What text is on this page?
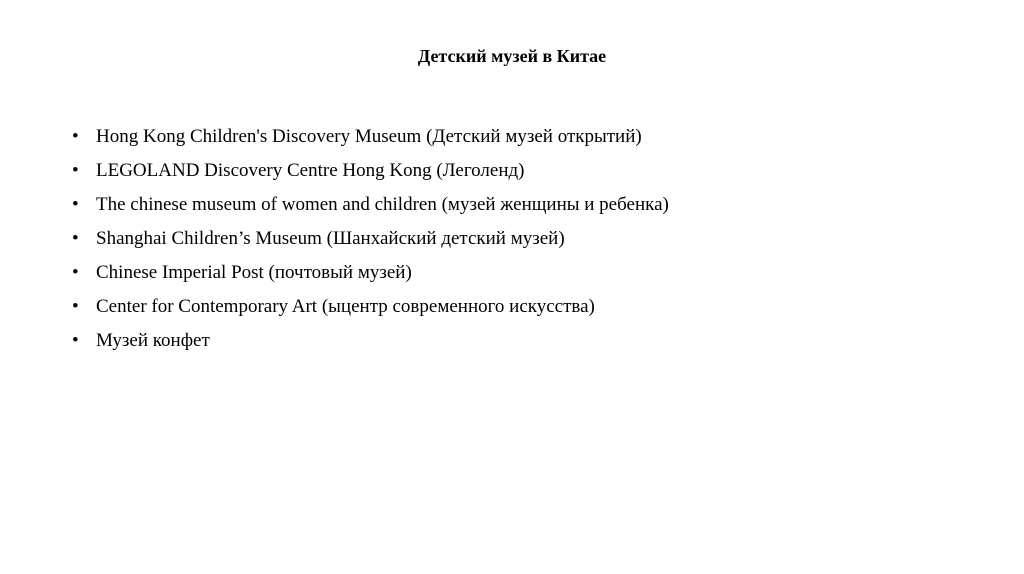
Детский музей в Китае
• Hong Kong Children's Discovery Museum (Детский музей открытий)
• LEGOLAND Discovery Centre Hong Kong (Леголенд)
• The chinese museum of women and children (музей женщины и ребенка)
• Shanghai Children’s Museum (Шанхайский детский музей)
• Chinese Imperial Post (почтовый музей)
• Center for Contemporary Art (ыцентр современного искусства)
• Музей конфет
